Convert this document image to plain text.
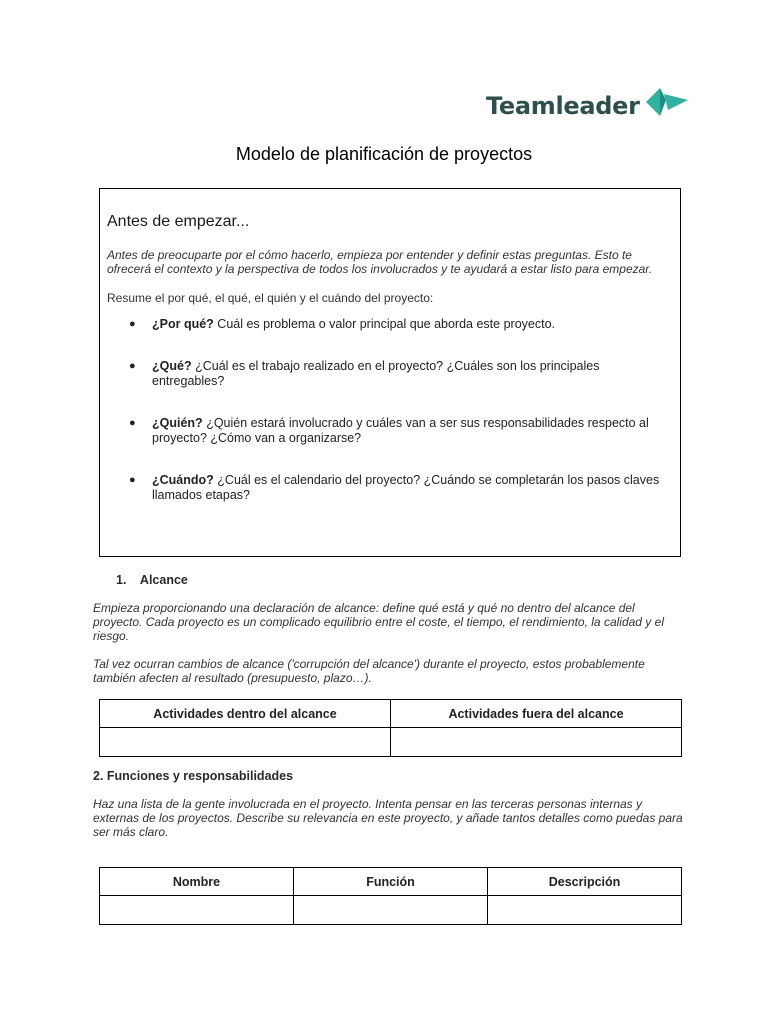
Teamleader
Modelo de planificación de proyectos
Antes de empezar...

Antes de preocuparte por el cómo hacerlo, empieza por entender y definir estas preguntas. Esto te ofrecerá el contexto y la perspectiva de todos los involucrados y te ayudará a estar listo para empezar.

Resume el por qué, el qué, el quién y el cuándo del proyecto:

● ¿Por qué? Cuál es problema o valor principal que aborda este proyecto.
● ¿Qué? ¿Cuál es el trabajo realizado en el proyecto? ¿Cuáles son los principales entregables?
● ¿Quién? ¿Quién estará involucrado y cuáles van a ser sus responsabilidades respecto al proyecto? ¿Cómo van a organizarse?
● ¿Cuándo? ¿Cuál es el calendario del proyecto? ¿Cuándo se completarán los pasos claves llamados etapas?
1. Alcance

Empieza proporcionando una declaración de alcance: define qué está y qué no dentro del alcance del proyecto. Cada proyecto es un complicado equilibrio entre el coste, el tiempo, el rendimiento, la calidad y el riesgo.

Tal vez ocurran cambios de alcance ('corrupción del alcance') durante el proyecto, estos probablemente también afecten al resultado (presupuesto, plazo…).

Actividades dentro del alcance	Actividades fuera del alcance

2. Funciones y responsabilidades

Haz una lista de la gente involucrada en el proyecto. Intenta pensar en las terceras personas internas y externas de los proyectos. Describe su relevancia en este proyecto, y añade tantos detalles como puedas para ser más claro.

Nombre	Función	Descripción
